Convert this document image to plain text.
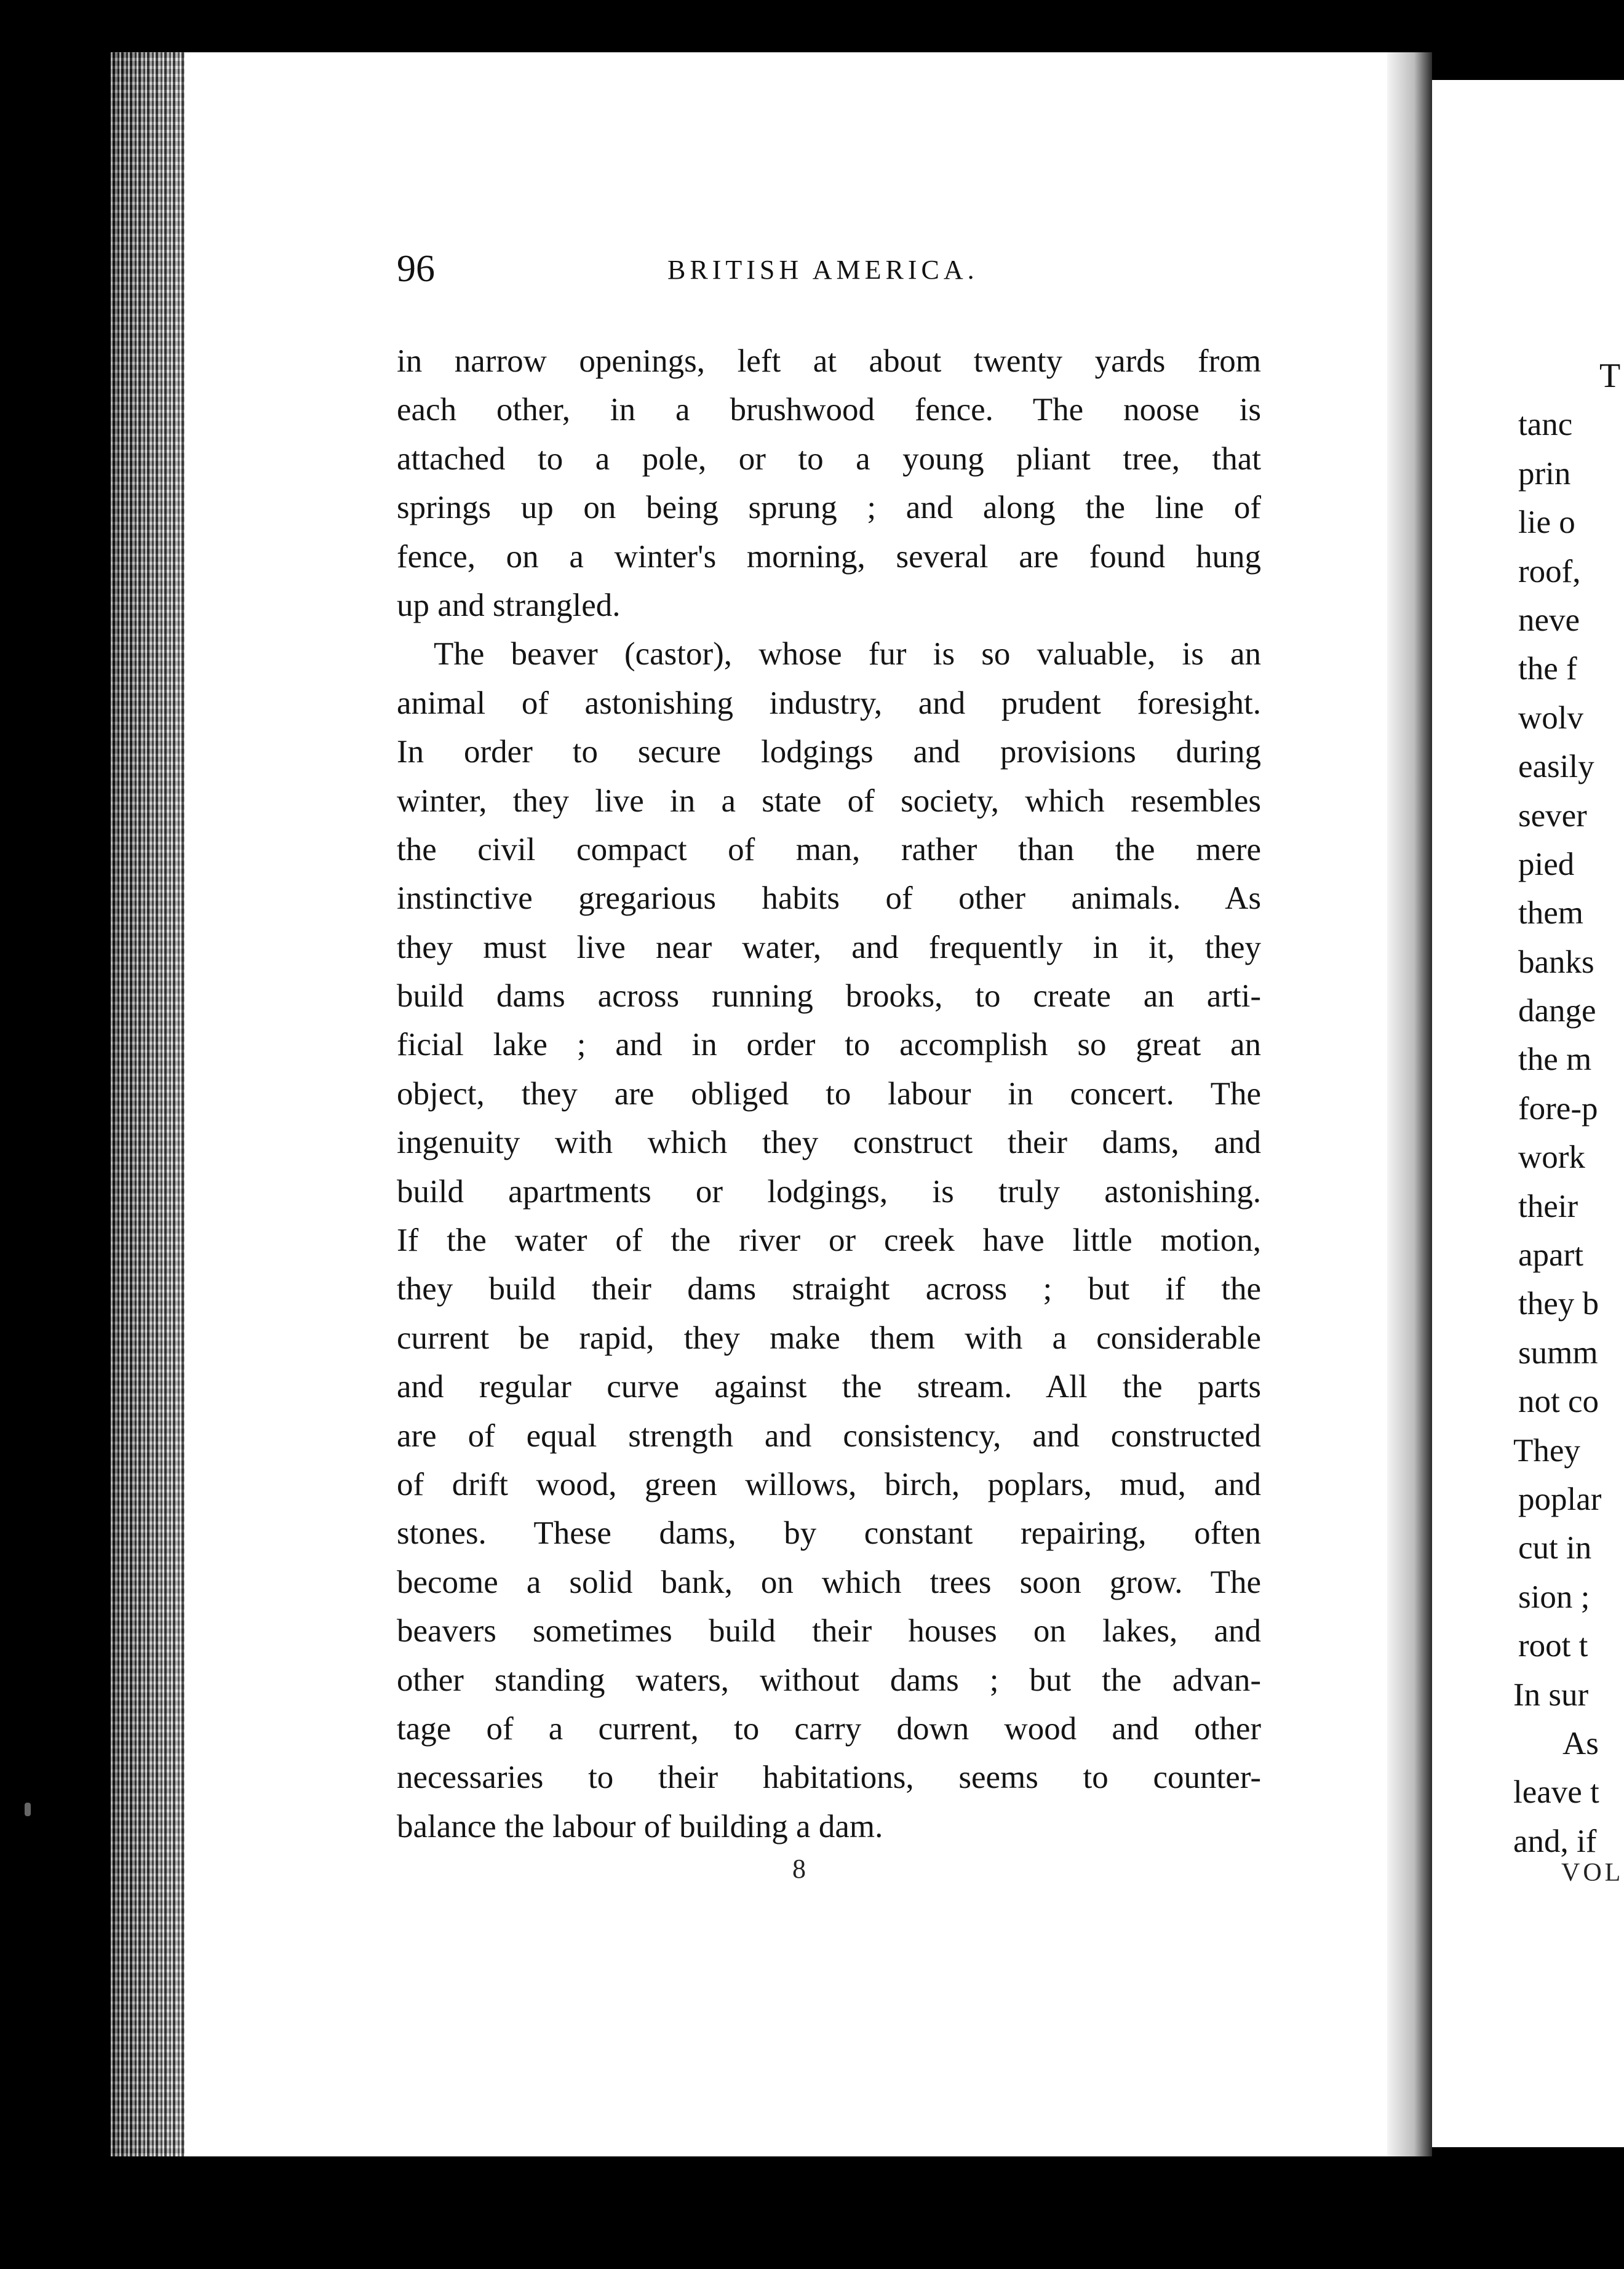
96	BRITISH AMERICA.
in narrow openings, left at about twenty yards from
each other, in a brushwood fence. The noose is
attached to a pole, or to a young pliant tree, that
springs up on being sprung ; and along the line of
fence, on a winter's morning, several are found hung
up and strangled.
The beaver (castor), whose fur is so valuable, is an
animal of astonishing industry, and prudent foresight.
In order to secure lodgings and provisions during
winter, they live in a state of society, which resembles
the civil compact of man, rather than the mere
instinctive gregarious habits of other animals. As
they must live near water, and frequently in it, they
build dams across running brooks, to create an arti-
ficial lake ; and in order to accomplish so great an
object, they are obliged to labour in concert. The
ingenuity with which they construct their dams, and
build apartments or lodgings, is truly astonishing.
If the water of the river or creek have little motion,
they build their dams straight across ; but if the
current be rapid, they make them with a considerable
and regular curve against the stream. All the parts
are of equal strength and consistency, and constructed
of drift wood, green willows, birch, poplars, mud, and
stones. These dams, by constant repairing, often
become a solid bank, on which trees soon grow. The
beavers sometimes build their houses on lakes, and
other standing waters, without dams ; but the advan-
tage of a current, to carry down wood and other
necessaries to their habitations, seems to counter-
balance the labour of building a dam.
8
T
tanc
prin
lie o
roof,
neve
the f
wolv
easily
sever
pied
them
banks
dange
the m
fore-p
work
their
apart
they b
summ
not co
They
poplar
cut in
sion ;
root t
In sur
As
leave t
and, if
VOL
